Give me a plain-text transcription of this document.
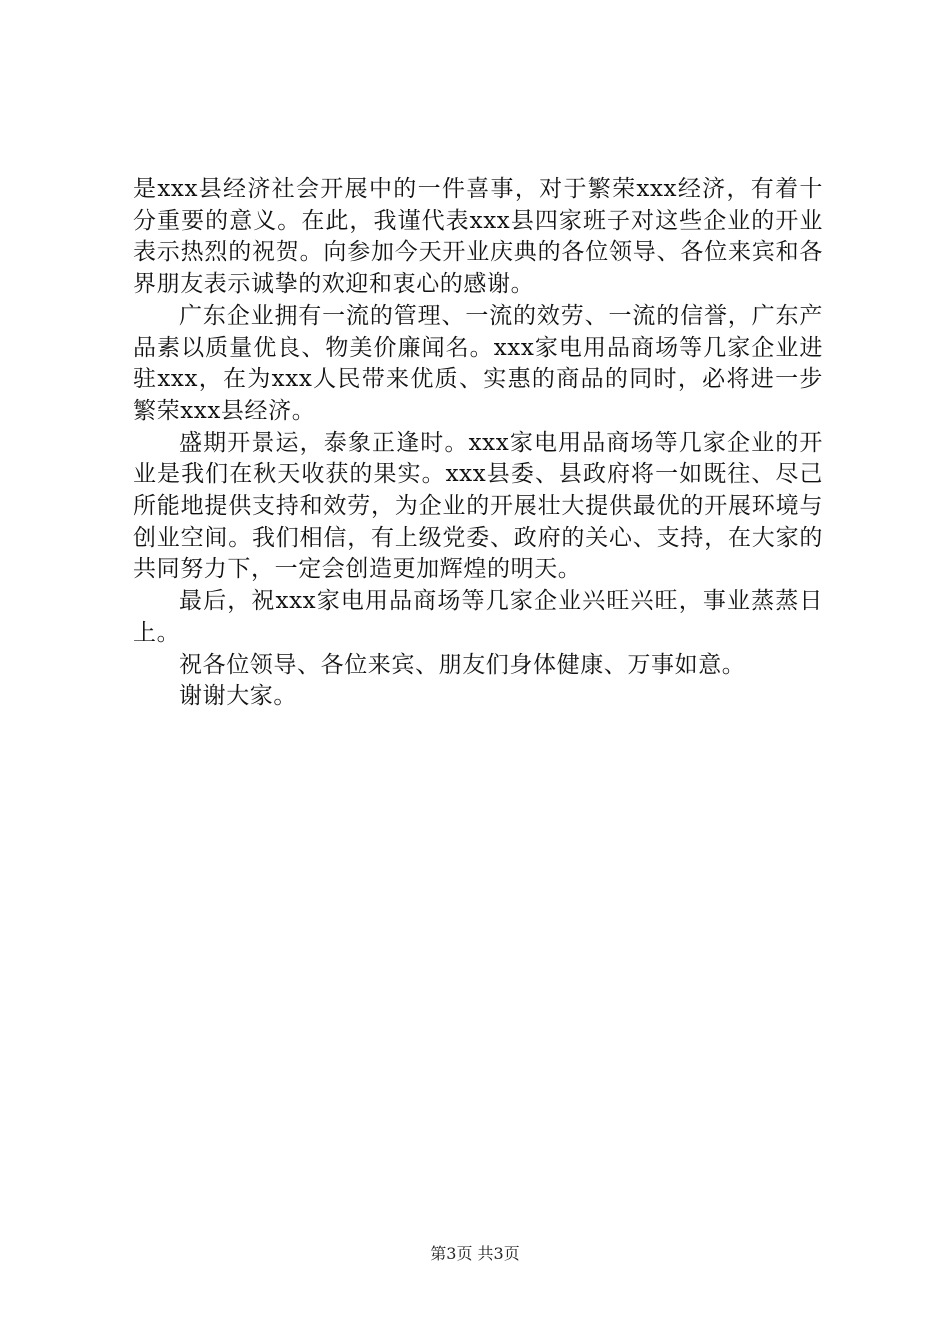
是xxx县经济社会开展中的一件喜事，对于繁荣xxx经济，有着十分重要的意义。在此，我谨代表xxx县四家班子对这些企业的开业表示热烈的祝贺。向参加今天开业庆典的各位领导、各位来宾和各界朋友表示诚挚的欢迎和衷心的感谢。

广东企业拥有一流的管理、一流的效劳、一流的信誉，广东产品素以质量优良、物美价廉闻名。xxx家电用品商场等几家企业进驻xxx，在为xxx人民带来优质、实惠的商品的同时，必将进一步繁荣xxx县经济。

盛期开景运，泰象正逢时。xxx家电用品商场等几家企业的开业是我们在秋天收获的果实。xxx县委、县政府将一如既往、尽己所能地提供支持和效劳，为企业的开展壮大提供最优的开展环境与创业空间。我们相信，有上级党委、政府的关心、支持，在大家的共同努力下，一定会创造更加辉煌的明天。

最后，祝xxx家电用品商场等几家企业兴旺兴旺，事业蒸蒸日上。

祝各位领导、各位来宾、朋友们身体健康、万事如意。

谢谢大家。

第3页 共3页
